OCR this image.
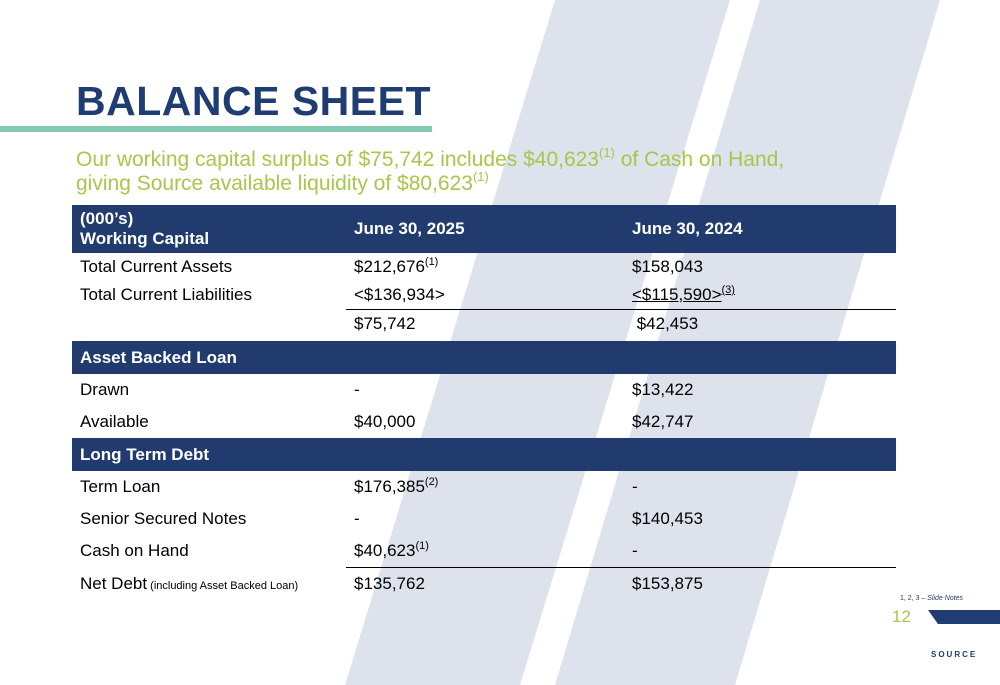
BALANCE SHEET
Our working capital surplus of $75,742 includes $40,623$^{(1)}$ of Cash on Hand,
giving Source available liquidity of $80,623$^{(1)}$
(000’s)
Working Capital	June 30, 2025	June 30, 2024
Total Current Assets	$212,676$^{(1)}$	$158,043
Total Current Liabilities	<$136,934>	<$115,590>$^{(3)}$
	$75,742	$42,453

Asset Backed Loan		
Drawn	-	$13,422
Available	$40,000	$42,747
Long Term Debt		
Term Loan	$176,385$^{(2)}$	-
Senior Secured Notes	-	$140,453
Cash on Hand	$40,623$^{(1)}$	-
Net Debt (including Asset Backed Loan)	$135,762	$153,875
1, 2, 3 – Slide Notes
12
SOURCE
